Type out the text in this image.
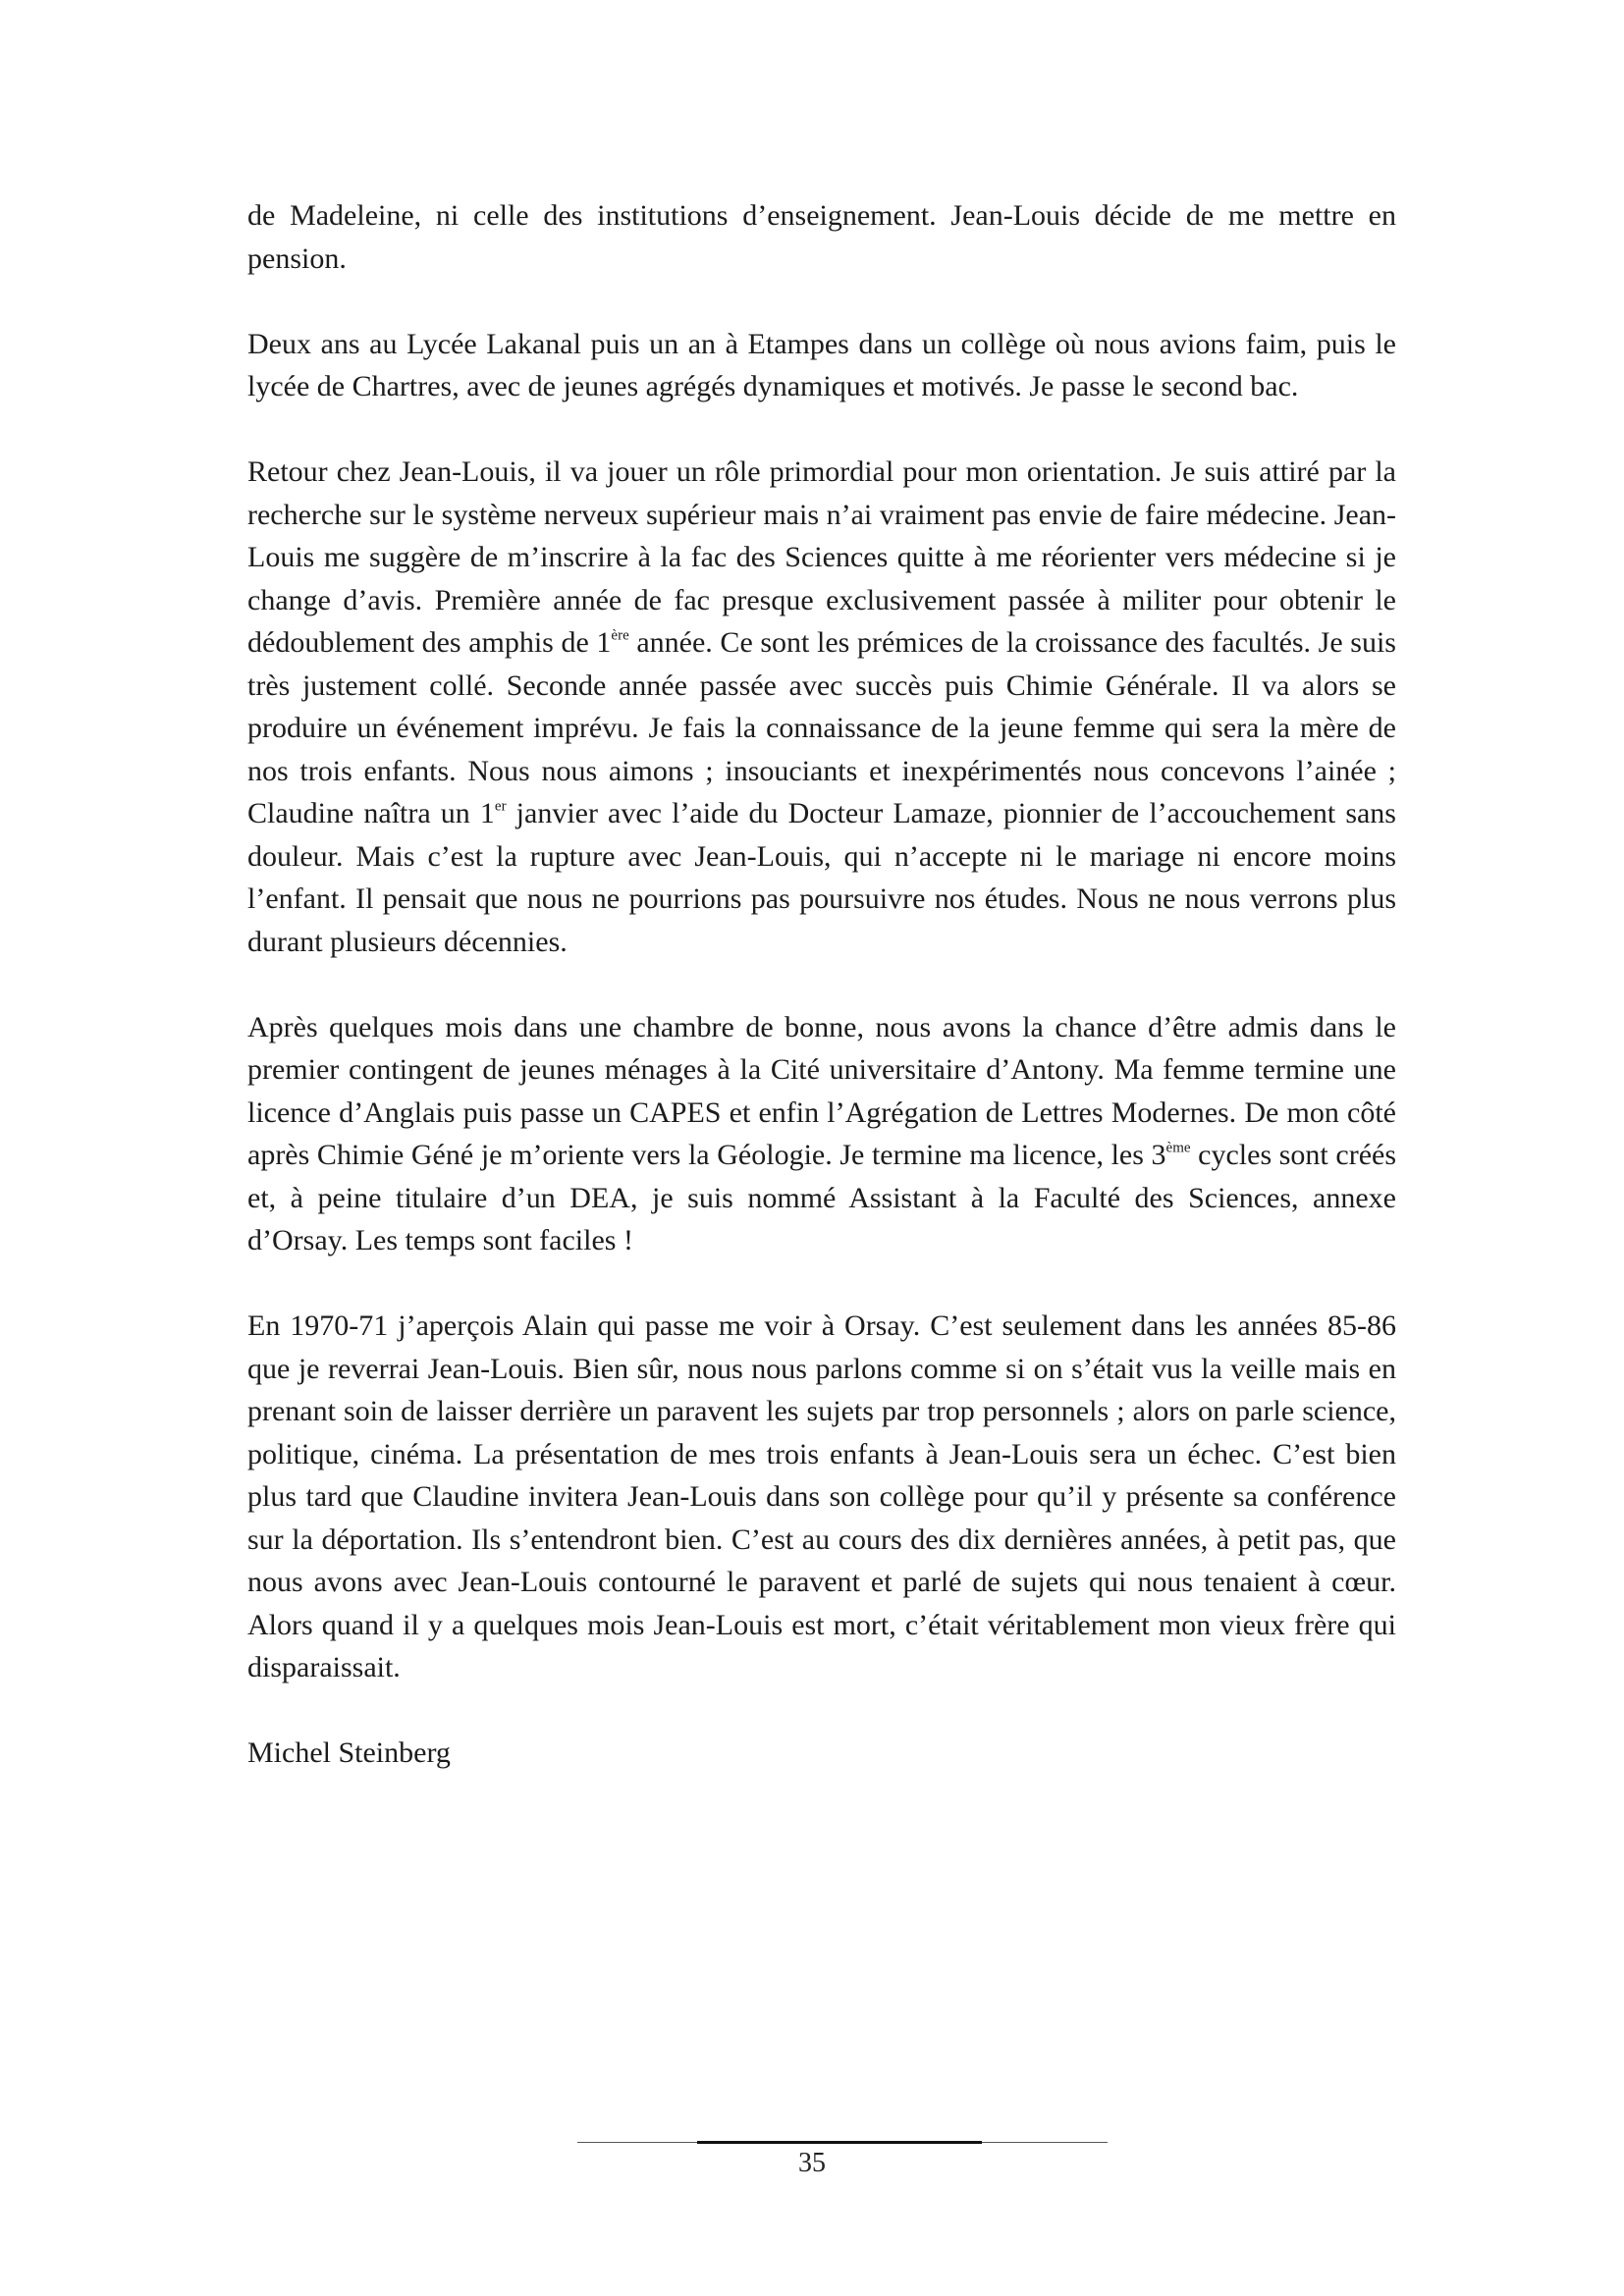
de Madeleine, ni celle des institutions d’enseignement. Jean-Louis décide de me mettre en pension.

Deux ans au Lycée Lakanal puis un an à Etampes dans un collège où nous avions faim, puis le lycée de Chartres, avec de jeunes agrégés dynamiques et motivés. Je passe le second bac.

Retour chez Jean-Louis, il va jouer un rôle primordial pour mon orientation. Je suis attiré par la recherche sur le système nerveux supérieur mais n’ai vraiment pas envie de faire médecine. Jean-Louis me suggère de m’inscrire à la fac des Sciences quitte à me réorienter vers médecine si je change d’avis. Première année de fac presque exclusivement passée à militer pour obtenir le dédoublement des amphis de 1ère année. Ce sont les prémices de la croissance des facultés. Je suis très justement collé. Seconde année passée avec succès puis Chimie Générale. Il va alors se produire un événement imprévu. Je fais la connaissance de la jeune femme qui sera la mère de nos trois enfants. Nous nous aimons ; insouciants et inexpérimentés nous concevons l’ainée ; Claudine naîtra un 1er janvier avec l’aide du Docteur Lamaze, pionnier de l’accouchement sans douleur. Mais c’est la rupture avec Jean-Louis, qui n’accepte ni le mariage ni encore moins l’enfant. Il pensait que nous ne pourrions pas poursuivre nos études. Nous ne nous verrons plus durant plusieurs décennies.

Après quelques mois dans une chambre de bonne, nous avons la chance d’être admis dans le premier contingent de jeunes ménages à la Cité universitaire d’Antony. Ma femme termine une licence d’Anglais puis passe un CAPES et enfin l’Agrégation de Lettres Modernes. De mon côté après Chimie Géné je m’oriente vers la Géologie. Je termine ma licence, les 3ème cycles sont créés et, à peine titulaire d’un DEA, je suis nommé Assistant à la Faculté des Sciences, annexe d’Orsay. Les temps sont faciles !

En 1970-71 j’aperçois Alain qui passe me voir à Orsay. C’est seulement dans les années 85-86 que je reverrai Jean-Louis. Bien sûr, nous nous parlons comme si on s’était vus la veille mais en prenant soin de laisser derrière un paravent les sujets par trop personnels ; alors on parle science, politique, cinéma. La présentation de mes trois enfants à Jean-Louis sera un échec. C’est bien plus tard que Claudine invitera Jean-Louis dans son collège pour qu’il y présente sa conférence sur la déportation. Ils s’entendront bien. C’est au cours des dix dernières années, à petit pas, que nous avons avec Jean-Louis contourné le paravent et parlé de sujets qui nous tenaient à cœur. Alors quand il y a quelques mois Jean-Louis est mort, c’était véritablement mon vieux frère qui disparaissait.

Michel Steinberg

35
